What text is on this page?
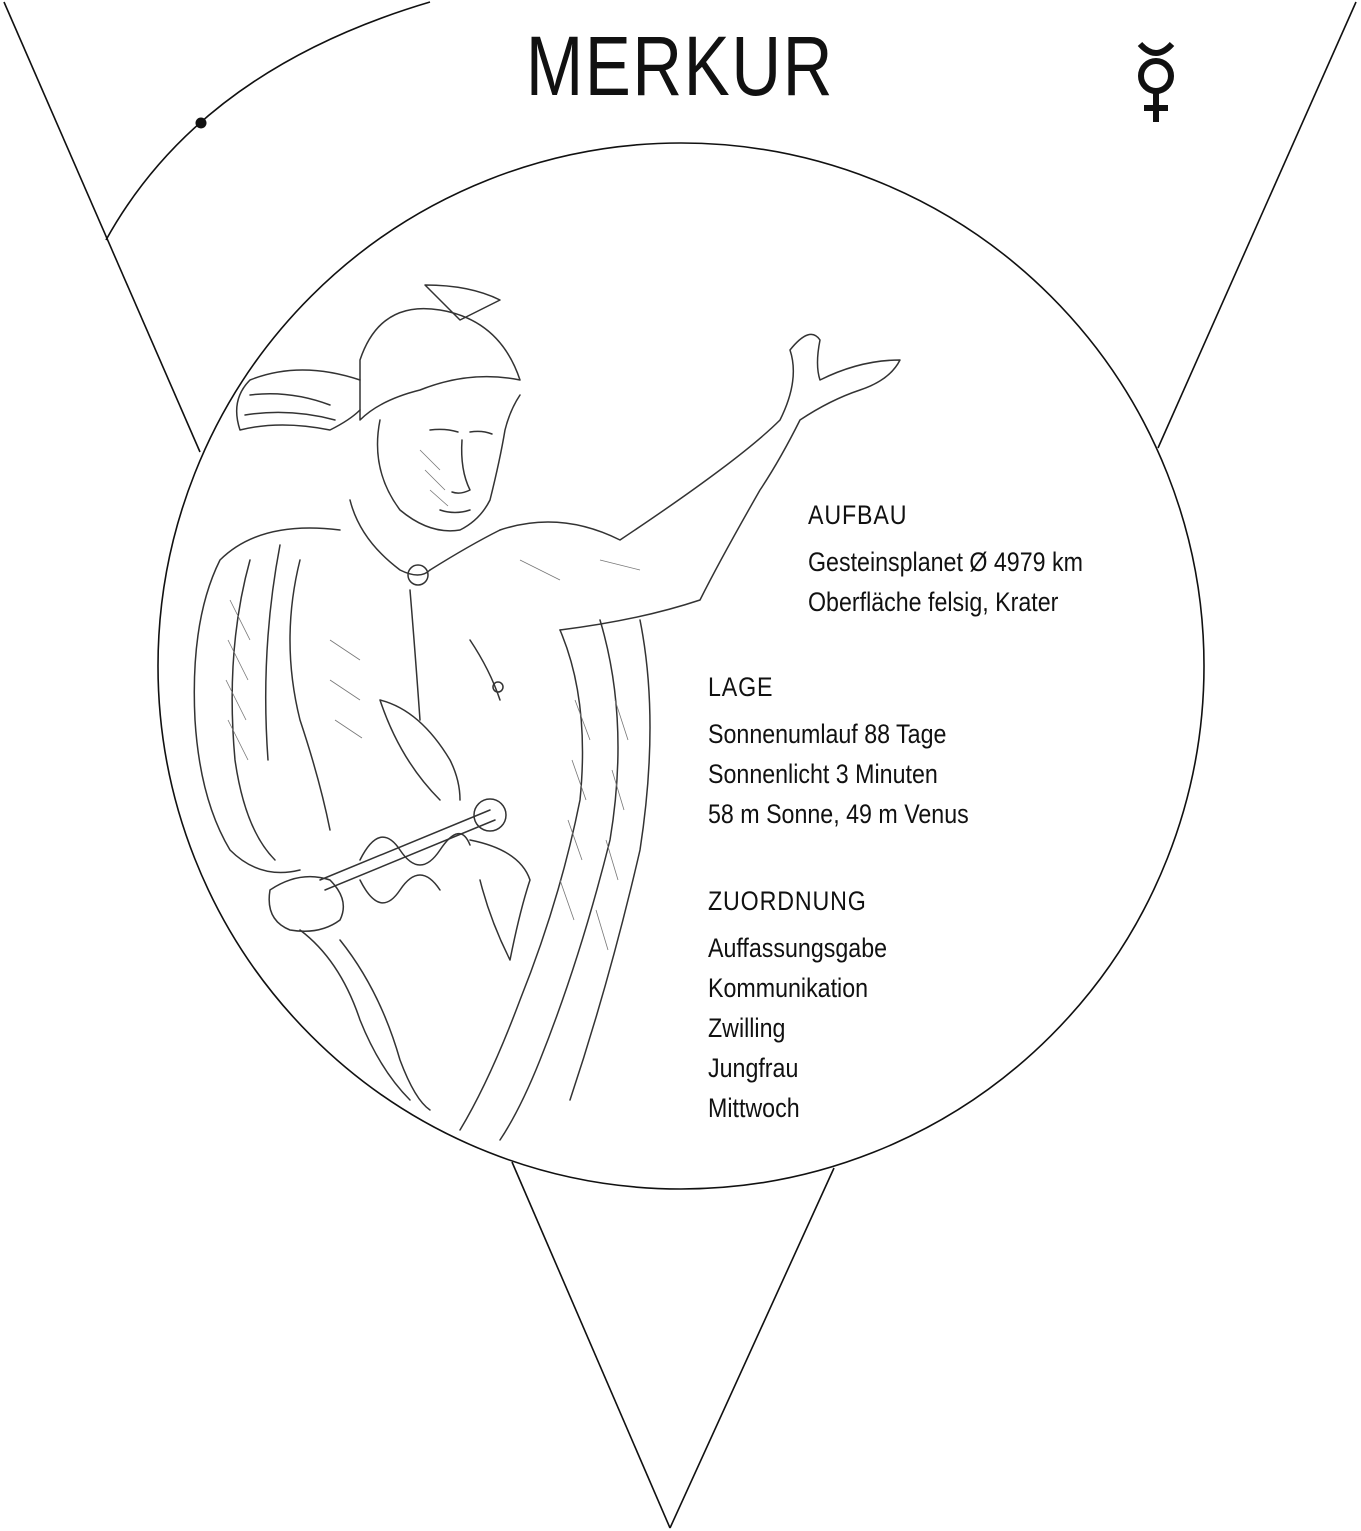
MERKUR
AUFBAU
Gesteinsplanet Ø 4979 km
Oberfläche felsig, Krater
LAGE
Sonnenumlauf 88 Tage
Sonnenlicht 3 Minuten
58 m Sonne, 49 m Venus
ZUORDNUNG
Auffassungsgabe
Kommunikation
Zwilling
Jungfrau
Mittwoch
